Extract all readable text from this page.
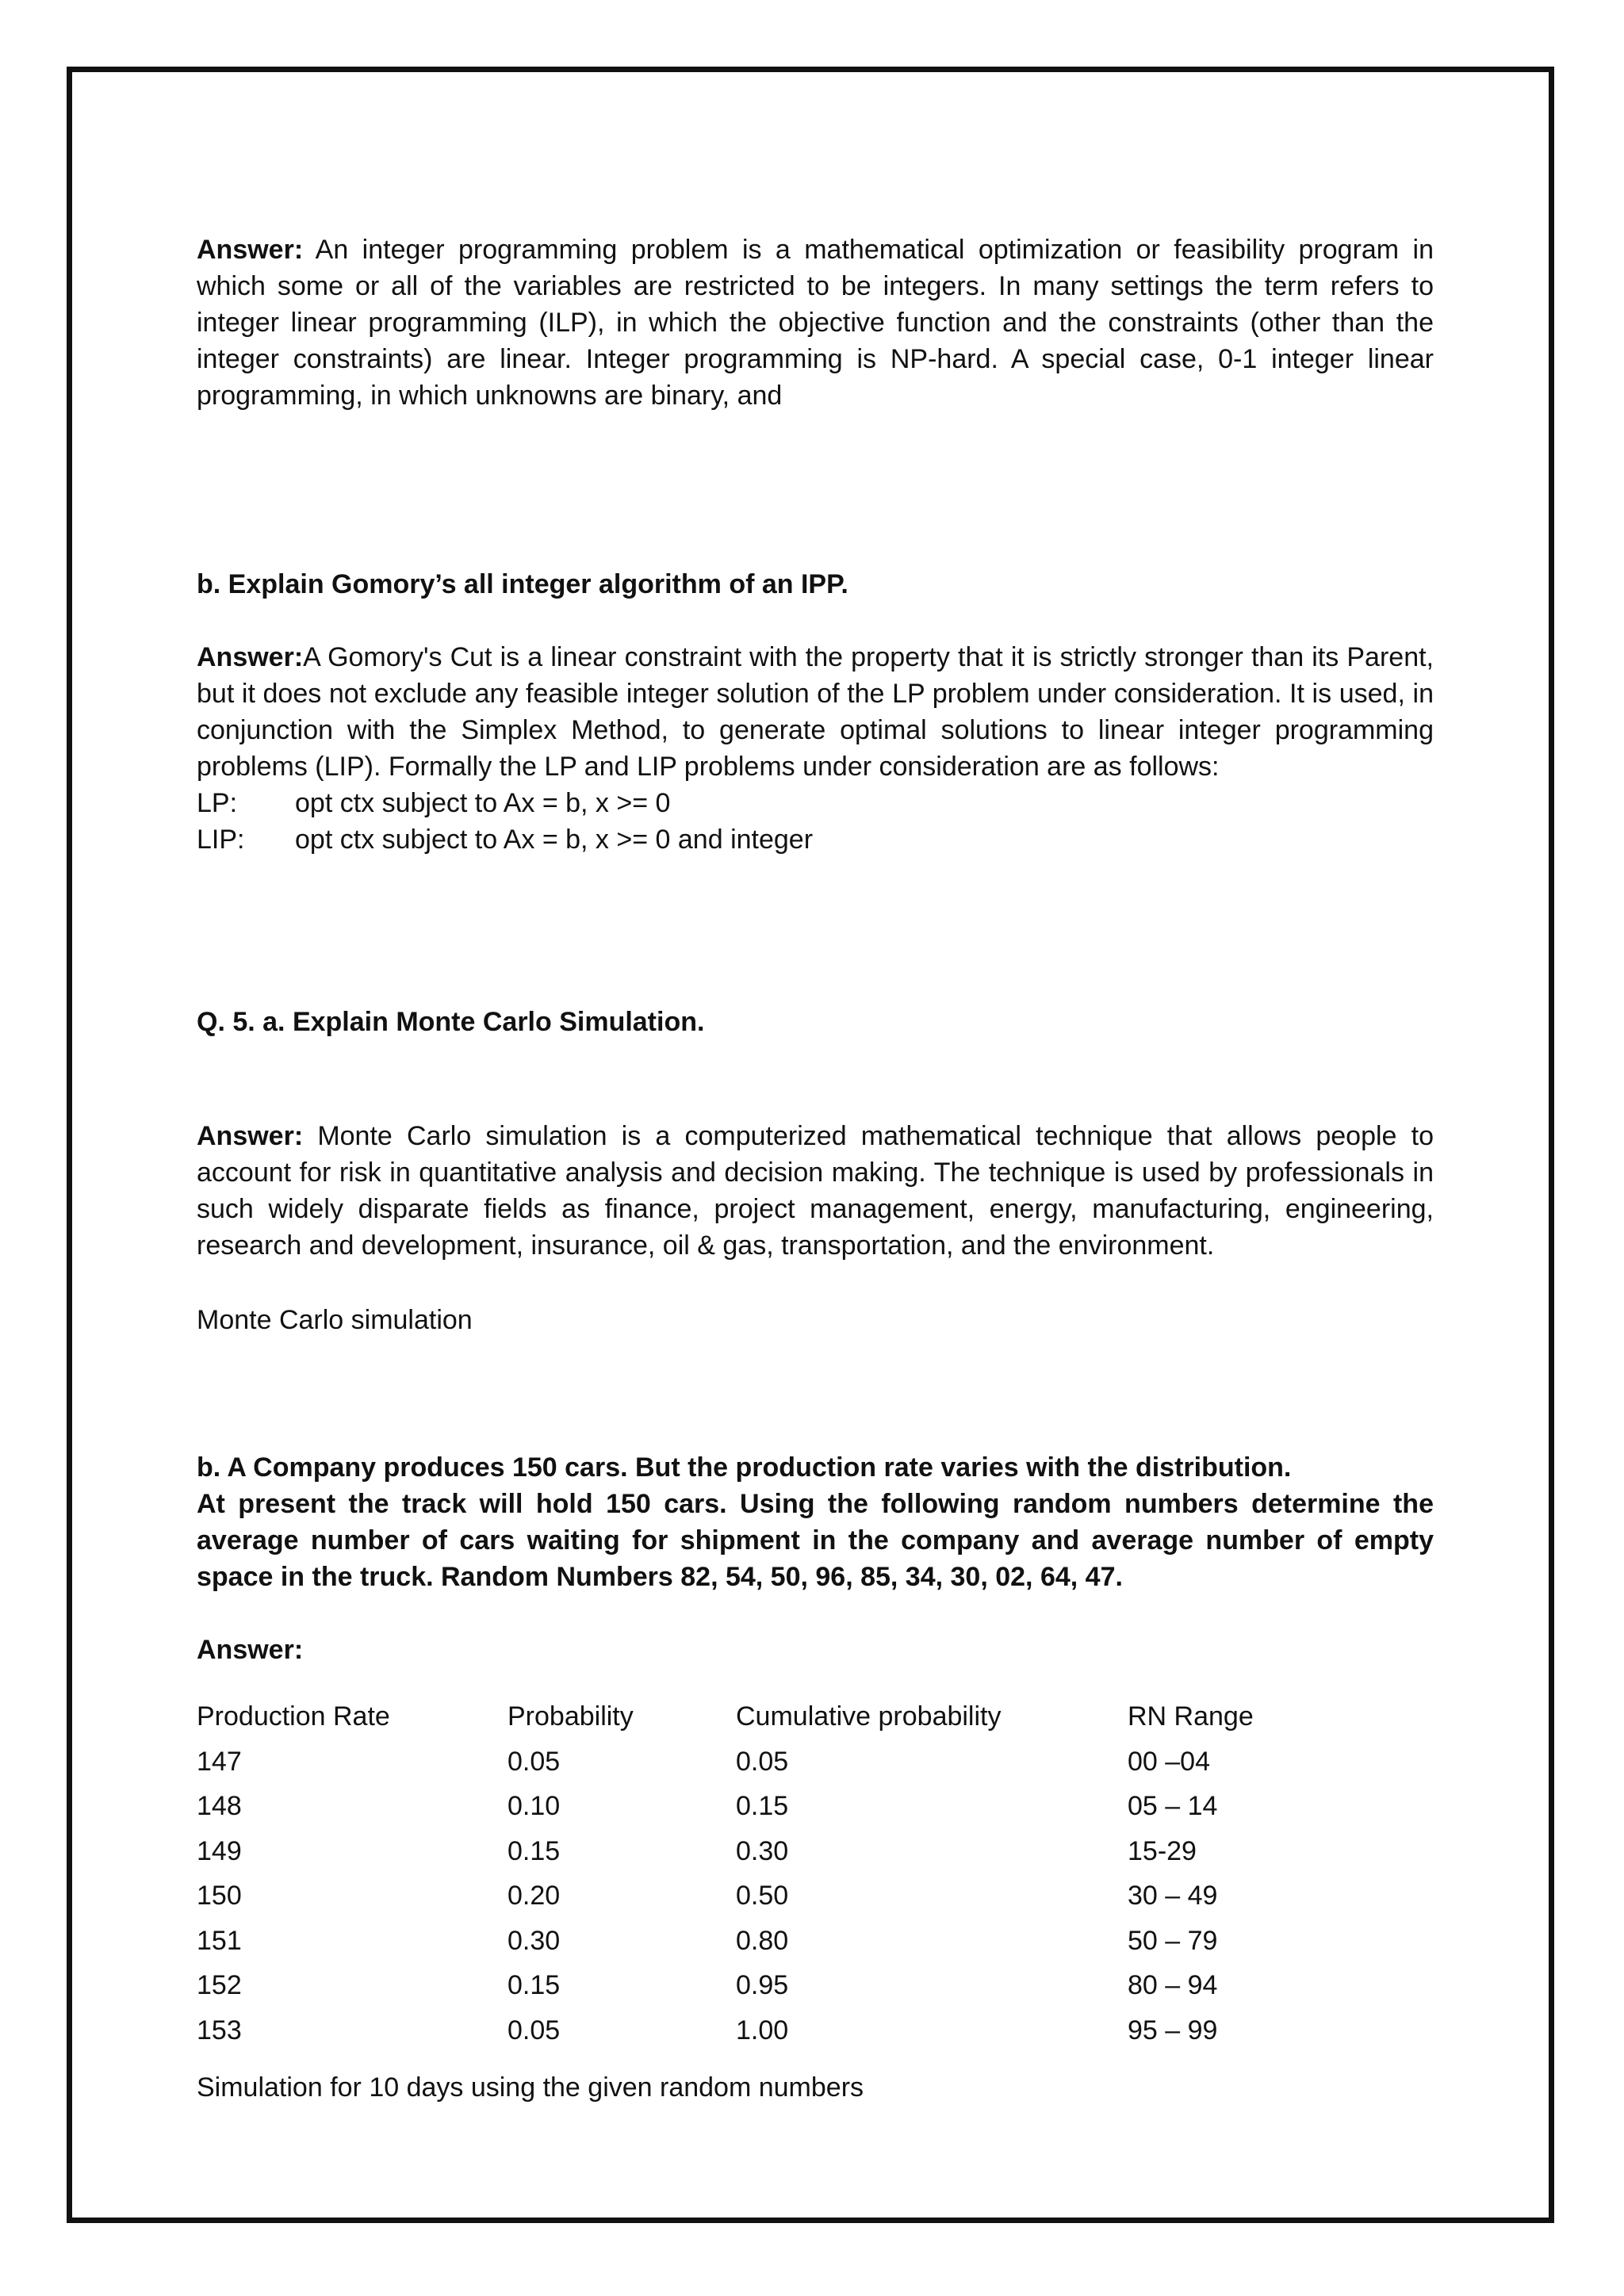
Answer: An integer programming problem is a mathematical optimization or feasibility program in which some or all of the variables are restricted to be integers. In many settings the term refers to integer linear programming (ILP), in which the objective function and the constraints (other than the integer constraints) are linear. Integer programming is NP-hard. A special case, 0-1 integer linear programming, in which unknowns are binary, and

b. Explain Gomory’s all integer algorithm of an IPP.

Answer:A Gomory's Cut is a linear constraint with the property that it is strictly stronger than its Parent, but it does not exclude any feasible integer solution of the LP problem under consideration. It is used, in conjunction with the Simplex Method, to generate optimal solutions to linear integer programming problems (LIP). Formally the LP and LIP problems under consideration are as follows:

LP: opt ctx subject to Ax = b, x >= 0

LIP: opt ctx subject to Ax = b, x >= 0 and integer

Q. 5. a. Explain Monte Carlo Simulation.

Answer: Monte Carlo simulation is a computerized mathematical technique that allows people to account for risk in quantitative analysis and decision making. The technique is used by professionals in such widely disparate fields as finance, project management, energy, manufacturing, engineering, research and development, insurance, oil & gas, transportation, and the environment.

Monte Carlo simulation

b. A Company produces 150 cars. But the production rate varies with the distribution.

At present the track will hold 150 cars. Using the following random numbers determine the average number of cars waiting for shipment in the company and average number of empty space in the truck. Random Numbers 82, 54, 50, 96, 85, 34, 30, 02, 64, 47.

Answer:

Production Rate	Probability	Cumulative probability	RN Range
147	0.05	0.05	00 –04
148	0.10	0.15	05 – 14
149	0.15	0.30	15-29
150	0.20	0.50	30 – 49
151	0.30	0.80	50 – 79
152	0.15	0.95	80 – 94
153	0.05	1.00	95 – 99

Simulation for 10 days using the given random numbers
